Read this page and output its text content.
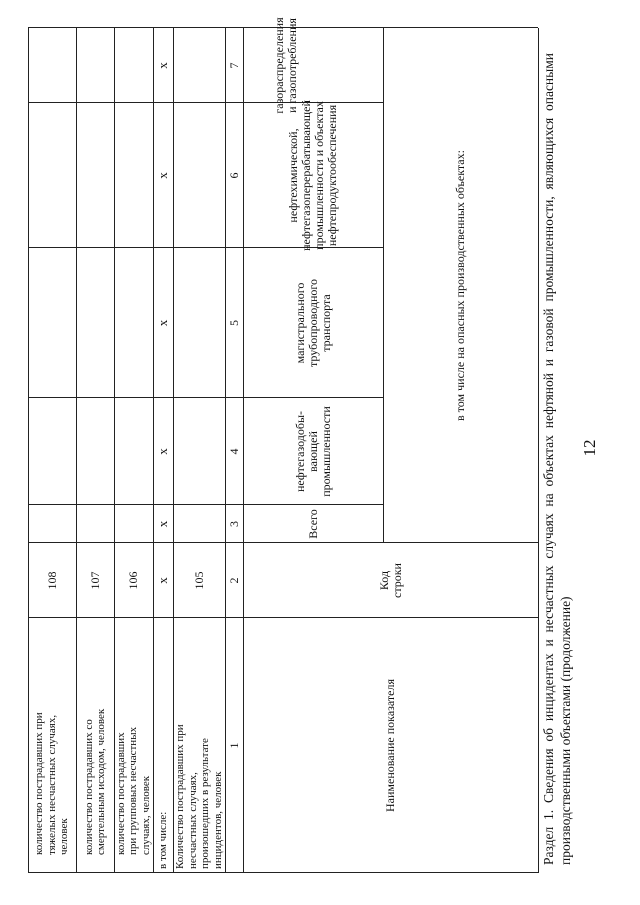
12
Раздел 1. Сведения об инцидентах и несчастных случаях на объектах нефтяной и газовой промышленности, являющихся опасными производственными объектами (продолжение)
Наименование показателя
Код строки
в том числе на опасных производственных объектах:
Всего
нефтегазодобы-вающей промышленности
магистрального трубопроводного транспорта
нефтехимической, нефтегазоперерабатывающей промышленности и объектах нефтепродуктообеспечения
газораспределения и газопотребления
1
2
3
4
5
6
7
Количество пострадавших при несчастных случаях, произошедших в результате инцидентов, человек
105
в том числе:
x
x
x
x
x
x
количество пострадавших при групповых несчастных случаях, человек
106
количество пострадавших со смертельным исходом, человек
107
количество пострадавших при тяжелых несчастных случаях, человек
108
